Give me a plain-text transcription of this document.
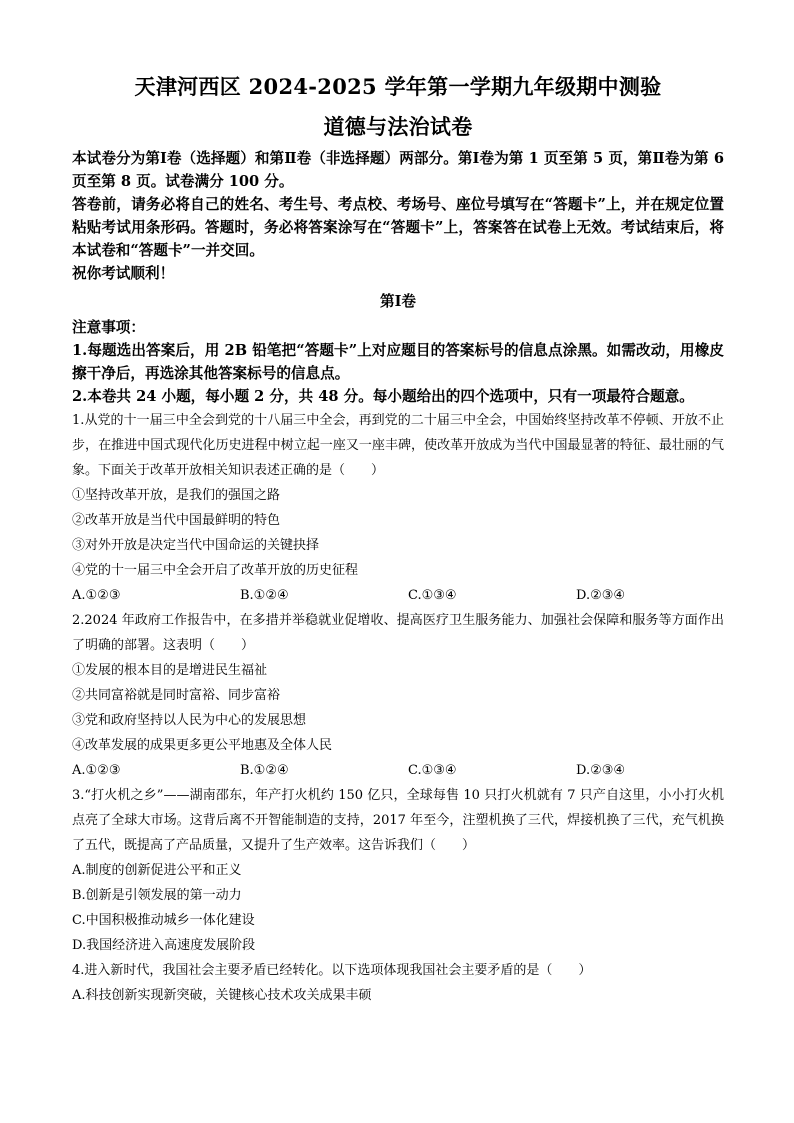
天津河西区 2024-2025 学年第一学期九年级期中测验
道德与法治试卷

本试卷分为第Ⅰ卷（选择题）和第Ⅱ卷（非选择题）两部分。第Ⅰ卷为第 1 页至第 5 页，第Ⅱ卷为第 6 页至第 8 页。试卷满分 100 分。

答卷前，请务必将自己的姓名、考生号、考点校、考场号、座位号填写在“答题卡”上，并在规定位置粘贴考试用条形码。答题时，务必将答案涂写在“答题卡”上，答案答在试卷上无效。考试结束后，将本试卷和“答题卡”一并交回。

祝你考试顺利！

第Ⅰ卷

注意事项：

1.每题选出答案后，用 2B 铅笔把“答题卡”上对应题目的答案标号的信息点涂黑。如需改动，用橡皮擦干净后，再选涂其他答案标号的信息点。

2.本卷共 24 小题，每小题 2 分，共 48 分。每小题给出的四个选项中，只有一项最符合题意。

1.从党的十一届三中全会到党的十八届三中全会，再到党的二十届三中全会，中国始终坚持改革不停顿、开放不止步，在推进中国式现代化历史进程中树立起一座又一座丰碑，使改革开放成为当代中国最显著的特征、最壮丽的气象。下面关于改革开放相关知识表述正确的是（　　）

①坚持改革开放，是我们的强国之路

②改革开放是当代中国最鲜明的特色

③对外开放是决定当代中国命运的关键抉择

④党的十一届三中全会开启了改革开放的历史征程

A.①②③	B.①②④	C.①③④	D.②③④

2.2024 年政府工作报告中，在多措并举稳就业促增收、提高医疗卫生服务能力、加强社会保障和服务等方面作出了明确的部署。这表明（　　）

①发展的根本目的是增进民生福祉

②共同富裕就是同时富裕、同步富裕

③党和政府坚持以人民为中心的发展思想

④改革发展的成果更多更公平地惠及全体人民

A.①②③	B.①②④	C.①③④	D.②③④

3.“打火机之乡”——湖南邵东，年产打火机约 150 亿只，全球每售 10 只打火机就有 7 只产自这里，小小打火机点亮了全球大市场。这背后离不开智能制造的支持，2017 年至今，注塑机换了三代，焊接机换了三代，充气机换了五代，既提高了产品质量，又提升了生产效率。这告诉我们（　　）

A.制度的创新促进公平和正义

B.创新是引领发展的第一动力

C.中国积极推动城乡一体化建设

D.我国经济进入高速度发展阶段

4.进入新时代，我国社会主要矛盾已经转化。以下选项体现我国社会主要矛盾的是（　　）

A.科技创新实现新突破，关键核心技术攻关成果丰硕
